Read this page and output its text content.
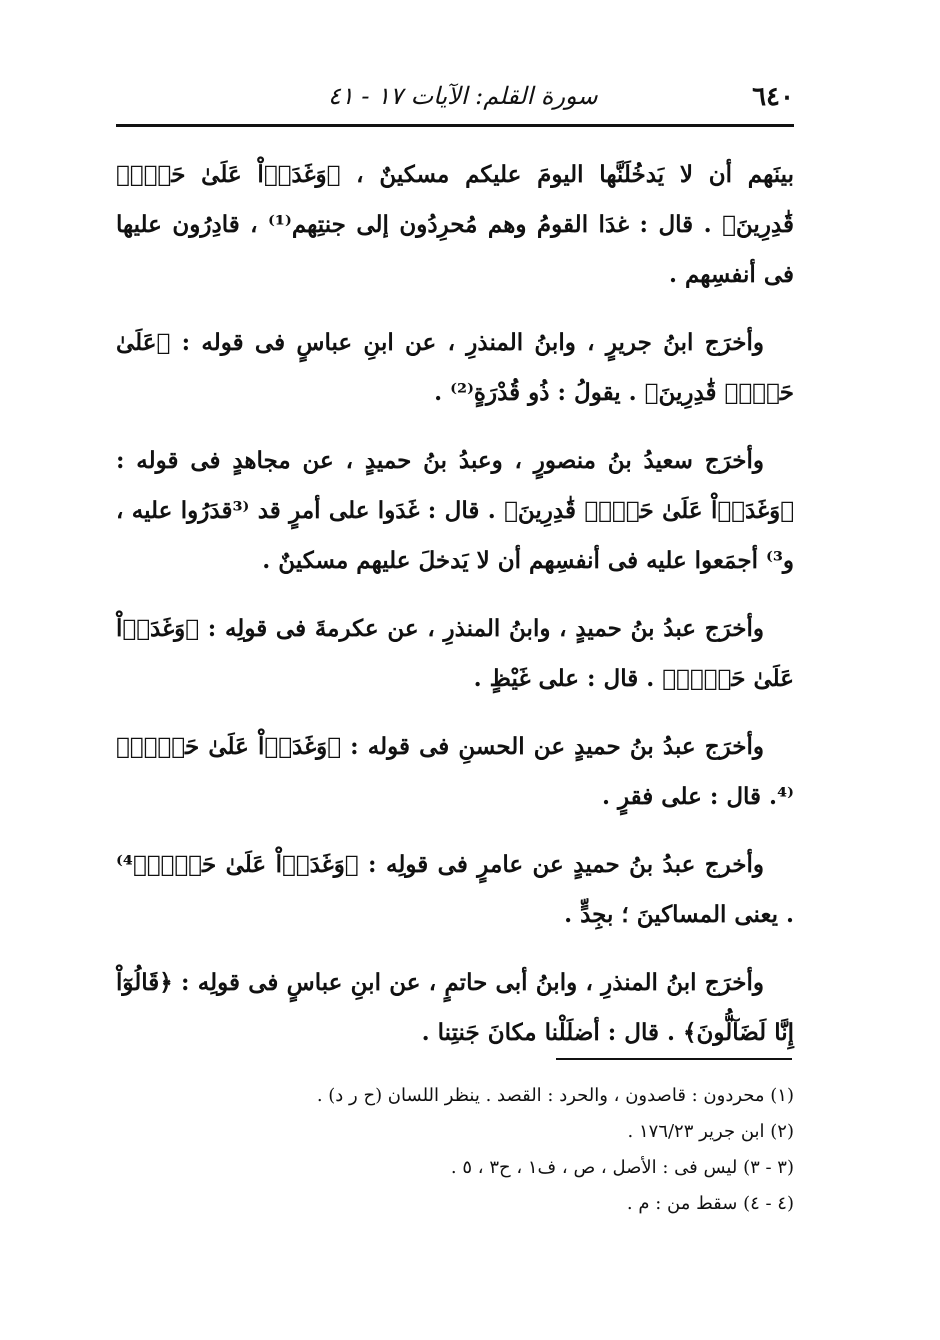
٦٤٠
سورة القلم: الآيات ١٧ - ٤١

بينَهم أن لا يَدخُلَنَّها اليومَ عليكم مسكينٌ ، ﴿وَغَدَوۡاْ عَلَىٰ حَرۡدٖ قَٰدِرِينَ﴾ . قال : غدَا القومُ وهم مُحرِدُون إلى جنتِهم⁽¹⁾ ، قادِرُون عليها فى أنفسِهم .

وأخرَج ابنُ جريرٍ ، وابنُ المنذرِ ، عن ابنِ عباسٍ فى قوله : ﴿عَلَىٰ حَرۡدٖ قَٰدِرِينَ﴾ . يقولُ : ذُو قُدْرَةٍ⁽²⁾ .

وأخرَج سعيدُ بنُ منصورٍ ، وعبدُ بنُ حميدٍ ، عن مجاهدٍ فى قوله : ﴿وَغَدَوۡاْ عَلَىٰ حَرۡدٖ قَٰدِرِينَ﴾ . قال : غَدَوا على أمرٍ قد ⁽³قدَرُوا عليه ، و³⁾ أجمَعوا عليه فى أنفسِهم أن لا يَدخلَ عليهم مسكينٌ .

وأخرَج عبدُ بنُ حميدٍ ، وابنُ المنذرِ ، عن عكرمةَ فى قولِه : ﴿وَغَدَوۡاْ عَلَىٰ حَرۡدٖ﴾ . قال : على غَيْظٍ .

وأخرَج عبدُ بنُ حميدٍ عن الحسنِ فى قوله : ﴿وَغَدَوۡاْ عَلَىٰ حَرۡدٖ﴾ ⁽⁴. قال : على فقرٍ .

وأخرج عبدُ بنُ حميدٍ عن عامرٍ فى قولِه : ﴿وَغَدَوۡاْ عَلَىٰ حَرۡدٖ﴾⁴⁾ . يعنى المساكينَ ؛ بجِدٍّ .

وأخرَج ابنُ المنذرِ ، وابنُ أبى حاتمٍ ، عن ابنِ عباسٍ فى قولِه : ﴿قَالُوٓاْ إِنَّا لَضَآلُّونَ﴾ . قال : أضلَلْنا مكانَ جَنتِنا .

(١) محردون : قاصدون ، والحرد : القصد . ينظر اللسان (ح ر د) .

(٢) ابن جرير ١٧٦/٢٣ .

(٣ - ٣) ليس فى : الأصل ، ص ، ف١ ، ح٣ ، ٥ .

(٤ - ٤) سقط من : م .
